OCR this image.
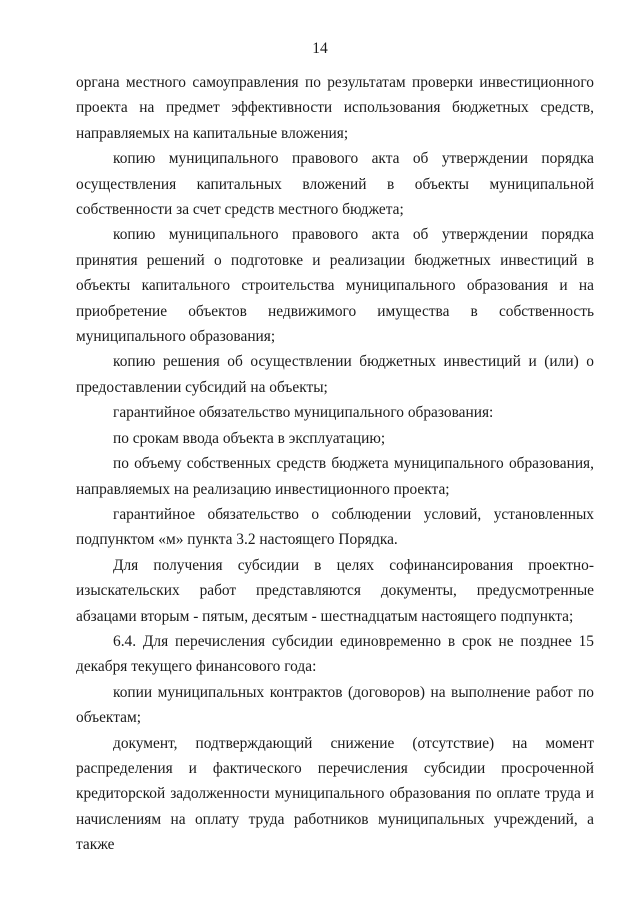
14

органа местного самоуправления по результатам проверки инвестиционного проекта на предмет эффективности использования бюджетных средств, направляемых на капитальные вложения;

копию муниципального правового акта об утверждении порядка осуществления капитальных вложений в объекты муниципальной собственности за счет средств местного бюджета;

копию муниципального правового акта об утверждении порядка принятия решений о подготовке и реализации бюджетных инвестиций в объекты капитального строительства муниципального образования и на приобретение объектов недвижимого имущества в собственность муниципального образования;

копию решения об осуществлении бюджетных инвестиций и (или) о предоставлении субсидий на объекты;

гарантийное обязательство муниципального образования:

по срокам ввода объекта в эксплуатацию;

по объему собственных средств бюджета муниципального образования, направляемых на реализацию инвестиционного проекта;

гарантийное обязательство о соблюдении условий, установленных подпунктом «м» пункта 3.2 настоящего Порядка.

Для получения субсидии в целях софинансирования проектно-изыскательских работ представляются документы, предусмотренные абзацами вторым - пятым, десятым - шестнадцатым настоящего подпункта;

6.4. Для перечисления субсидии единовременно в срок не позднее 15 декабря текущего финансового года:

копии муниципальных контрактов (договоров) на выполнение работ по объектам;

документ, подтверждающий снижение (отсутствие) на момент распределения и фактического перечисления субсидии просроченной кредиторской задолженности муниципального образования по оплате труда и начислениям на оплату труда работников муниципальных учреждений, а также
